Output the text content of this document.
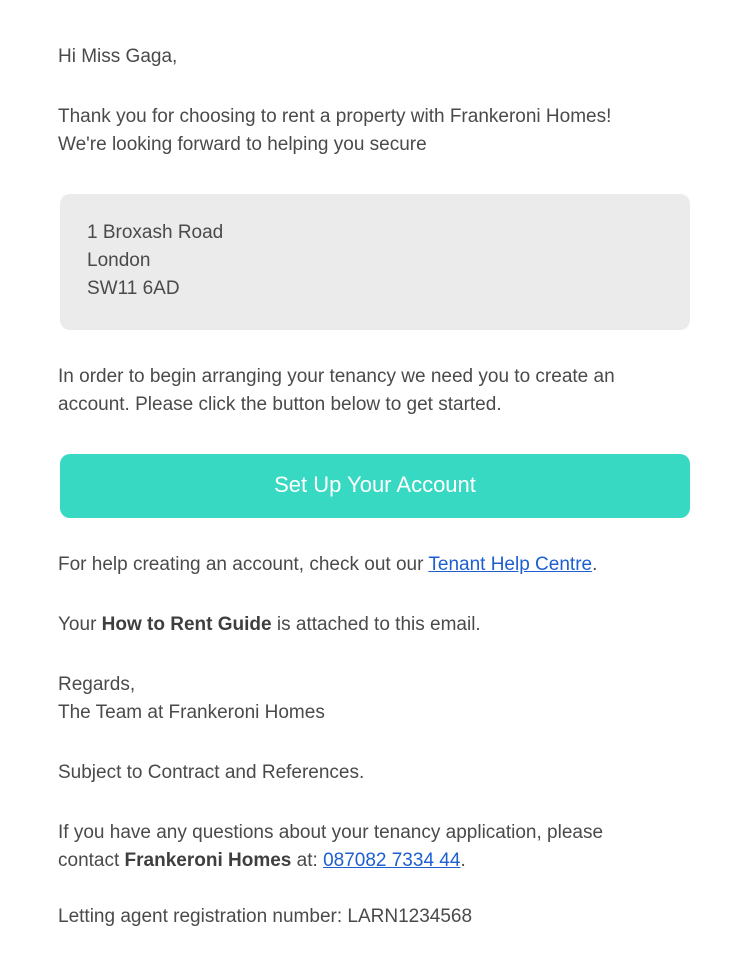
Hi Miss Gaga,
Thank you for choosing to rent a property with Frankeroni Homes!
We're looking forward to helping you secure
1 Broxash Road
London
SW11 6AD
In order to begin arranging your tenancy we need you to create an
account. Please click the button below to get started.
Set Up Your Account
For help creating an account, check out our Tenant Help Centre.
Your How to Rent Guide is attached to this email.
Regards,
The Team at Frankeroni Homes
Subject to Contract and References.
If you have any questions about your tenancy application, please
contact Frankeroni Homes at: 087082 7334 44.
Letting agent registration number: LARN1234568
